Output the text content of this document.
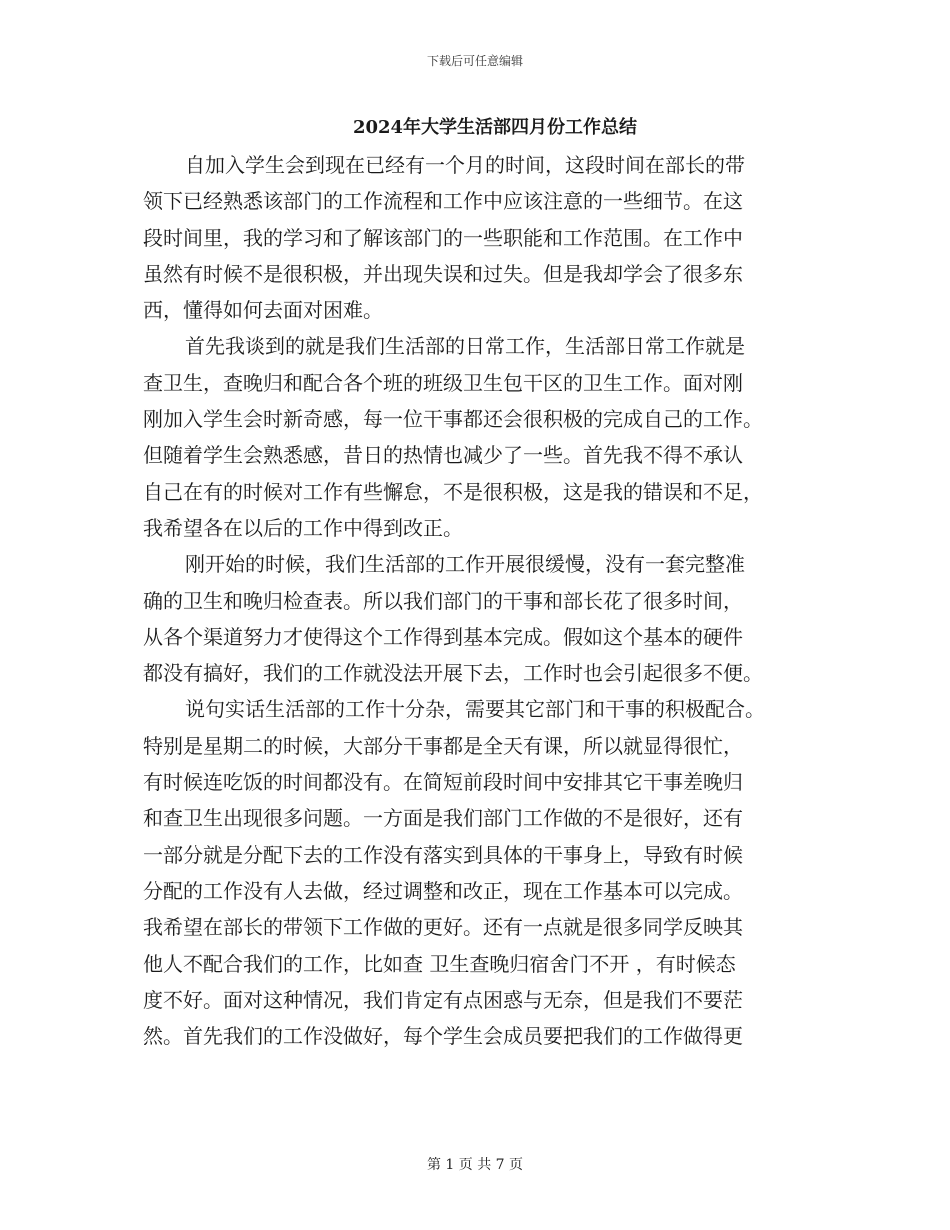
下载后可任意编辑
2024年大学生活部四月份工作总结
自加入学生会到现在已经有一个月的时间，这段时间在部长的带
领下已经熟悉该部门的工作流程和工作中应该注意的一些细节。在这
段时间里，我的学习和了解该部门的一些职能和工作范围。在工作中
虽然有时候不是很积极，并出现失误和过失。但是我却学会了很多东
西，懂得如何去面对困难。
首先我谈到的就是我们生活部的日常工作，生活部日常工作就是
查卫生，查晚归和配合各个班的班级卫生包干区的卫生工作。面对刚
刚加入学生会时新奇感，每一位干事都还会很积极的完成自己的工作。
但随着学生会熟悉感，昔日的热情也减少了一些。首先我不得不承认
自己在有的时候对工作有些懈怠，不是很积极，这是我的错误和不足，
我希望各在以后的工作中得到改正。
刚开始的时候，我们生活部的工作开展很缓慢，没有一套完整准
确的卫生和晚归检查表。所以我们部门的干事和部长花了很多时间，
从各个渠道努力才使得这个工作得到基本完成。假如这个基本的硬件
都没有搞好，我们的工作就没法开展下去，工作时也会引起很多不便。
说句实话生活部的工作十分杂，需要其它部门和干事的积极配合。
特别是星期二的时候，大部分干事都是全天有课，所以就显得很忙，
有时候连吃饭的时间都没有。在简短前段时间中安排其它干事差晚归
和查卫生出现很多问题。一方面是我们部门工作做的不是很好，还有
一部分就是分配下去的工作没有落实到具体的干事身上，导致有时候
分配的工作没有人去做，经过调整和改正，现在工作基本可以完成。
我希望在部长的带领下工作做的更好。还有一点就是很多同学反映其
他人不配合我们的工作，比如查 卫生查晚归宿舍门不开 ，有时候态
度不好。面对这种情况，我们肯定有点困惑与无奈，但是我们不要茫
然。首先我们的工作没做好，每个学生会成员要把我们的工作做得更
第 1 页 共 7 页
